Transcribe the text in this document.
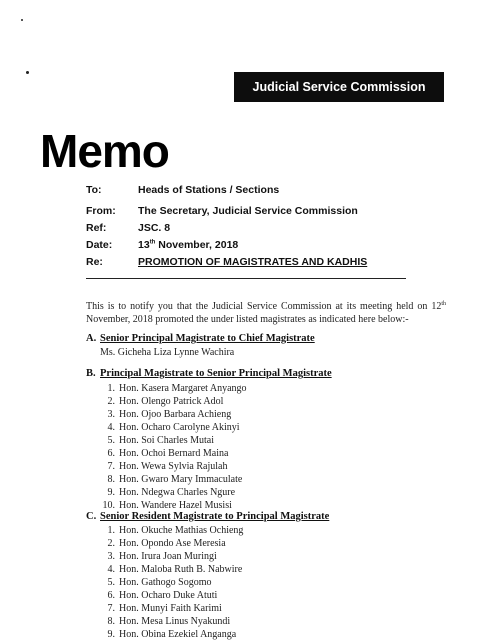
Judicial Service Commission
Memo
To:	Heads of Stations / Sections
From: The Secretary, Judicial Service Commission
Ref:	JSC. 8
Date: 13th November, 2018
Re:	PROMOTION OF MAGISTRATES AND KADHIS
This is to notify you that the Judicial Service Commission at its meeting held on 12th November, 2018 promoted the under listed magistrates as indicated here below:-
A. Senior Principal Magistrate to Chief Magistrate
Ms. Gicheha Liza Lynne Wachira
B. Principal Magistrate to Senior Principal Magistrate
1. Hon. Kasera Margaret Anyango
2. Hon. Olengo Patrick Adol
3. Hon. Ojoo Barbara Achieng
4. Hon. Ocharo Carolyne Akinyi
5. Hon. Soi Charles Mutai
6. Hon. Ochoi Bernard Maina
7. Hon. Wewa Sylvia Rajulah
8. Hon. Gwaro Mary Immaculate
9. Hon. Ndegwa Charles Ngure
10. Hon. Wandere Hazel Musisi
C. Senior Resident Magistrate to Principal Magistrate
1. Hon. Okuche Mathias Ochieng
2. Hon. Opondo Ase Meresia
3. Hon. Irura Joan Muringi
4. Hon. Maloba Ruth B. Nabwire
5. Hon. Gathogo Sogomo
6. Hon. Ocharo Duke Atuti
7. Hon. Munyi Faith Karimi
8. Hon. Mesa Linus Nyakundi
9. Hon. Obina Ezekiel Anganga
